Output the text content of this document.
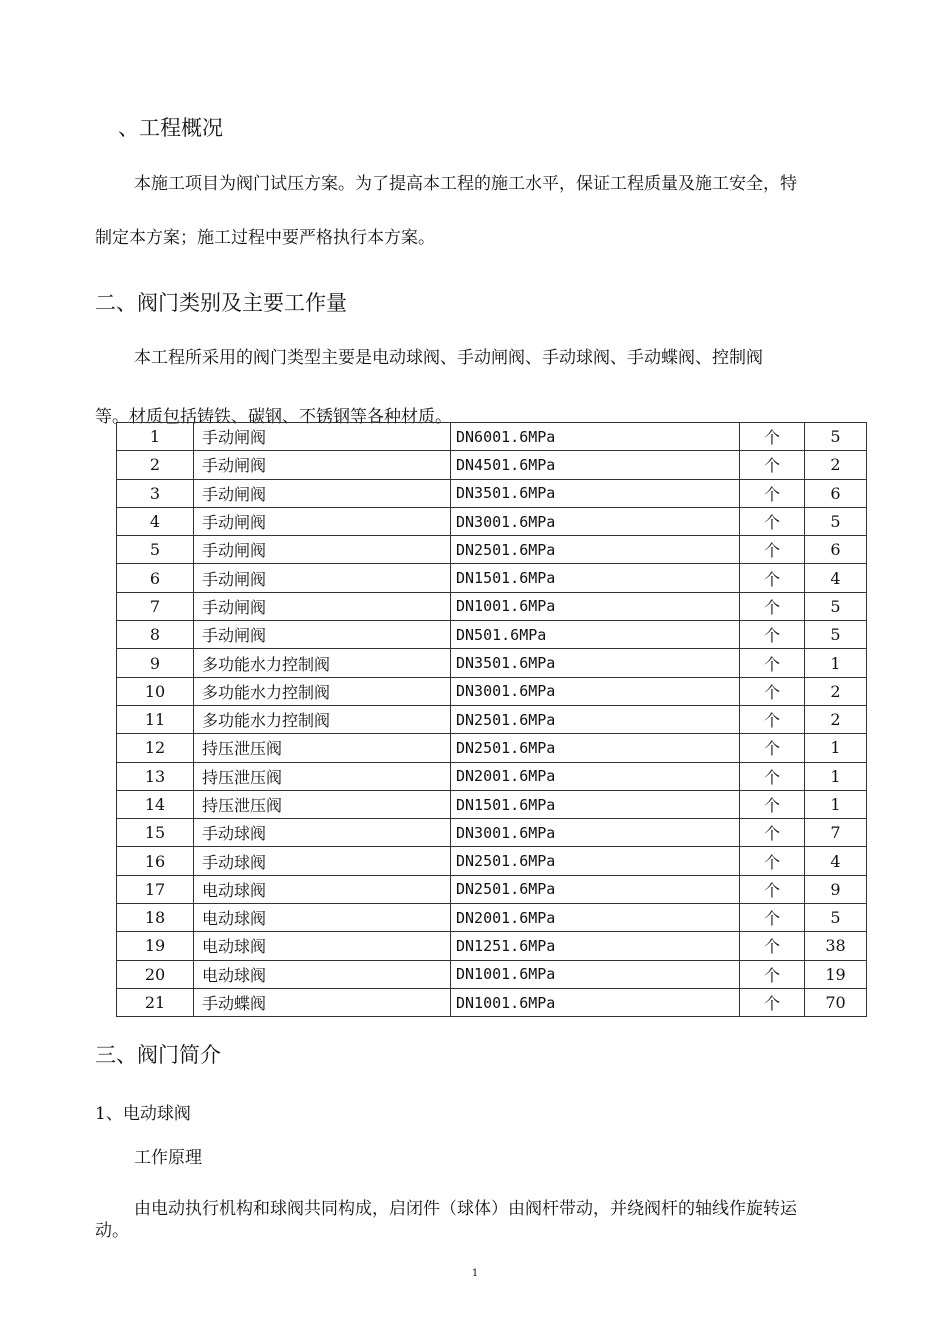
、工程概况
本施工项目为阀门试压方案。为了提高本工程的施工水平，保证工程质量及施工安全，特
制定本方案；施工过程中要严格执行本方案。
二、阀门类别及主要工作量
本工程所采用的阀门类型主要是电动球阀、手动闸阀、手动球阀、手动蝶阀、控制阀
等。材质包括铸铁、碳钢、不锈钢等各种材质。
1	手动闸阀	DN6001.6MPa	个	5
2	手动闸阀	DN4501.6MPa	个	2
3	手动闸阀	DN3501.6MPa	个	6
4	手动闸阀	DN3001.6MPa	个	5
5	手动闸阀	DN2501.6MPa	个	6
6	手动闸阀	DN1501.6MPa	个	4
7	手动闸阀	DN1001.6MPa	个	5
8	手动闸阀	DN501.6MPa	个	5
9	多功能水力控制阀	DN3501.6MPa	个	1
10	多功能水力控制阀	DN3001.6MPa	个	2
11	多功能水力控制阀	DN2501.6MPa	个	2
12	持压泄压阀	DN2501.6MPa	个	1
13	持压泄压阀	DN2001.6MPa	个	1
14	持压泄压阀	DN1501.6MPa	个	1
15	手动球阀	DN3001.6MPa	个	7
16	手动球阀	DN2501.6MPa	个	4
17	电动球阀	DN2501.6MPa	个	9
18	电动球阀	DN2001.6MPa	个	5
19	电动球阀	DN1251.6MPa	个	38
20	电动球阀	DN1001.6MPa	个	19
21	手动蝶阀	DN1001.6MPa	个	70
三、阀门简介
1、电动球阀
工作原理
由电动执行机构和球阀共同构成，启闭件（球体）由阀杆带动，并绕阀杆的轴线作旋转运
动。
1
